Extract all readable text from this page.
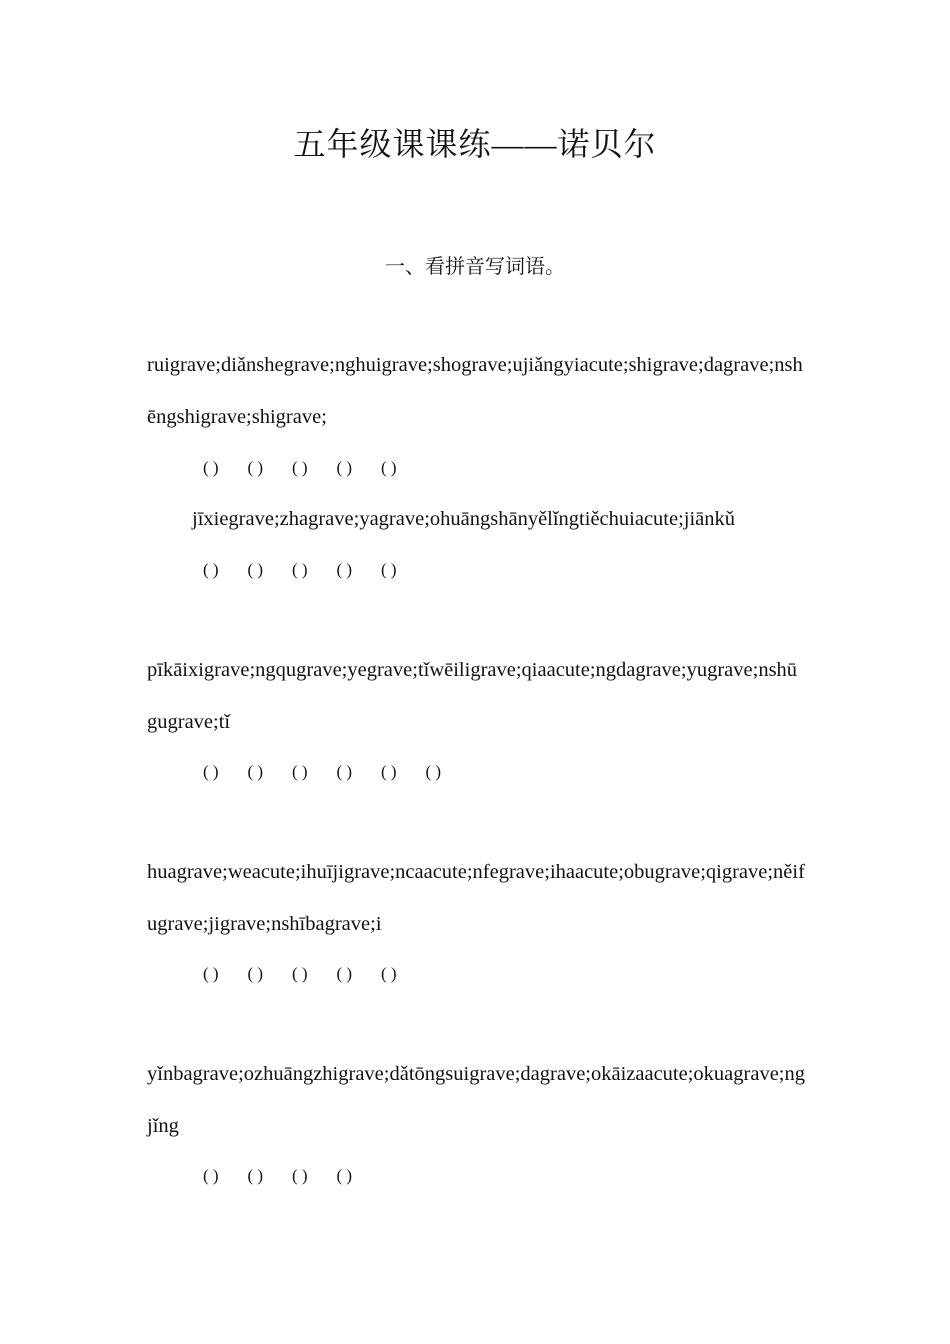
五年级课课练——诺贝尔
一、看拼音写词语。
ruigrave;diǎnshegrave;nghuigrave;shograve;ujiǎngyiacute;shigrave;dagrave;nshēngshigrave;shigrave;
( ) ( ) ( ) ( ) ( )
jīxiegrave;zhagrave;yagrave;ohuāngshānyělǐngtiěchuiacute;jiānkǔ
( ) ( ) ( ) ( ) ( )
pīkāixigrave;ngqugrave;yegrave;tǐwēiligrave;qiaacute;ngdagrave;yugrave;nshūgugrave;tǐ
( ) ( ) ( ) ( ) ( ) ( )
huagrave;weacute;ihuījigrave;ncaacute;nfegrave;ihaacute;obugrave;qigrave;něifugrave;jigrave;nshībagrave;i
( ) ( ) ( ) ( ) ( )
yǐnbagrave;ozhuāngzhigrave;dǎtōngsuigrave;dagrave;okāizaacute;okuagrave;ngjǐng
( ) ( ) ( ) ( )
